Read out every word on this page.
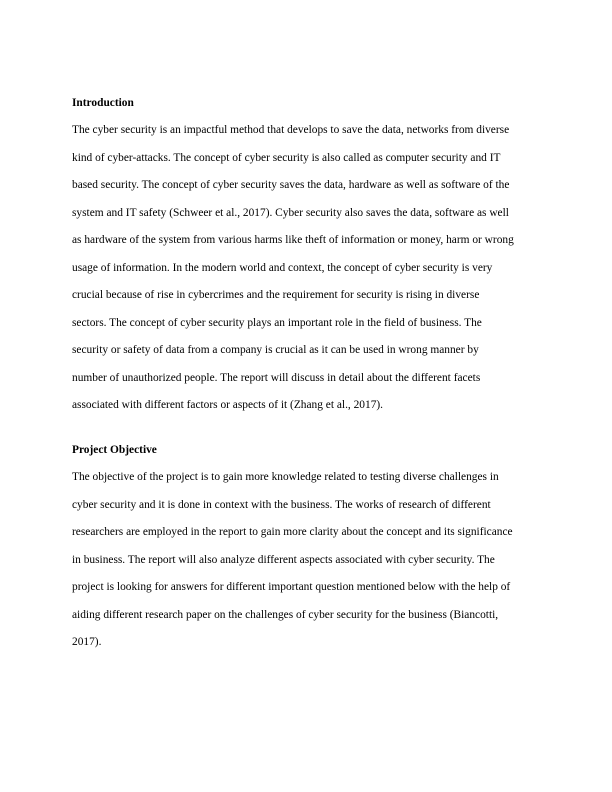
Introduction

The cyber security is an impactful method that develops to save the data, networks from diverse

kind of cyber-attacks. The concept of cyber security is also called as computer security and IT

based security. The concept of cyber security saves the data, hardware as well as software of the

system and IT safety (Schweer et al., 2017). Cyber security also saves the data, software as well

as hardware of the system from various harms like theft of information or money, harm or wrong

usage of information. In the modern world and context, the concept of cyber security is very

crucial because of rise in cybercrimes and the requirement for security is rising in diverse

sectors. The concept of cyber security plays an important role in the field of business. The

security or safety of data from a company is crucial as it can be used in wrong manner by

number of unauthorized people. The report will discuss in detail about the different facets

associated with different factors or aspects of it (Zhang et al., 2017).

Project Objective

The objective of the project is to gain more knowledge related to testing diverse challenges in

cyber security and it is done in context with the business. The works of research of different

researchers are employed in the report to gain more clarity about the concept and its significance

in business. The report will also analyze different aspects associated with cyber security. The

project is looking for answers for different important question mentioned below with the help of

aiding different research paper on the challenges of cyber security for the business (Biancotti,

2017).
